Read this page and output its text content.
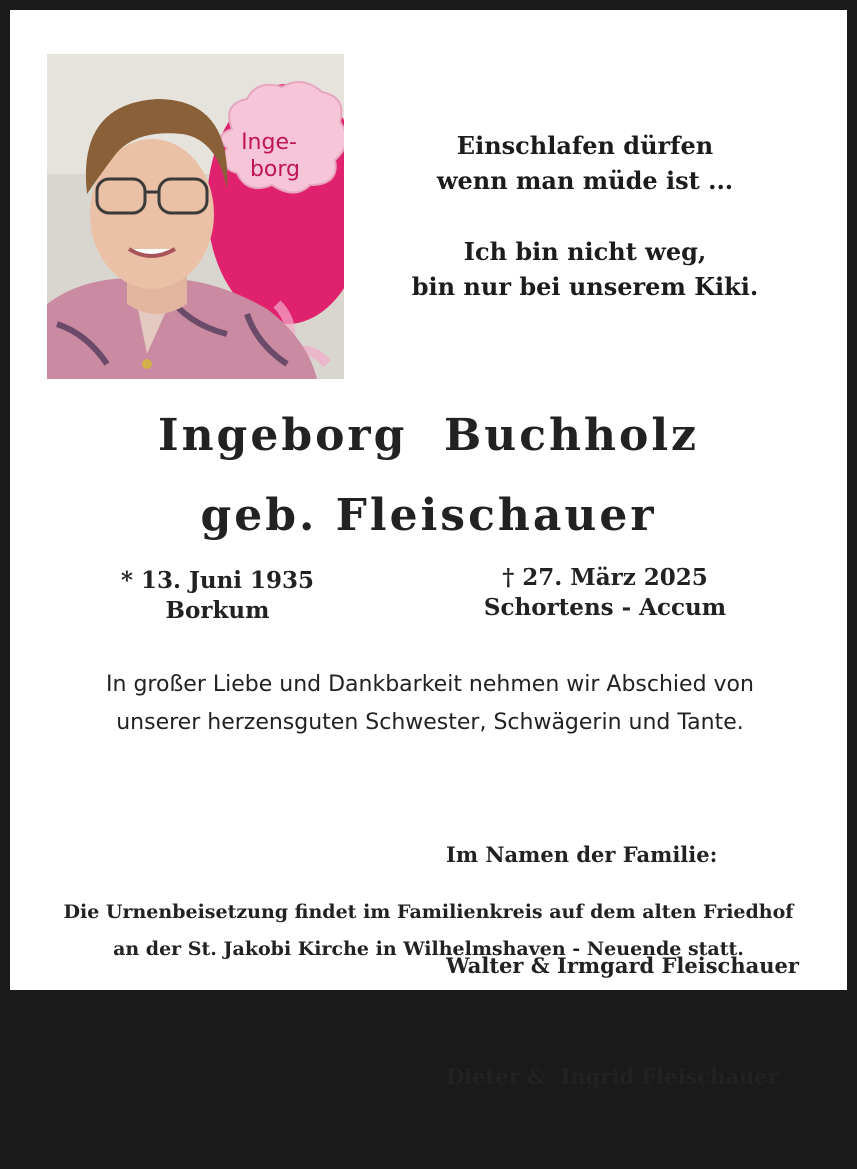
Inge-
borg
Einschlafen dürfen
wenn man müde ist ...
Ich bin nicht weg,
bin nur bei unserem Kiki.
Ingeborg  Buchholz
geb. Fleischauer
* 13. Juni 1935
Borkum
† 27. März 2025
Schortens - Accum
In großer Liebe und Dankbarkeit nehmen wir Abschied von
unserer herzensguten Schwester, Schwägerin und Tante.

Im Namen der Familie:

Walter & Irmgard Fleischauer

Dieter &  Ingrid Fleischauer

Die Urnenbeisetzung findet im Familienkreis auf dem alten Friedhof
an der St. Jakobi Kirche in Wilhelmshaven - Neuende statt.
